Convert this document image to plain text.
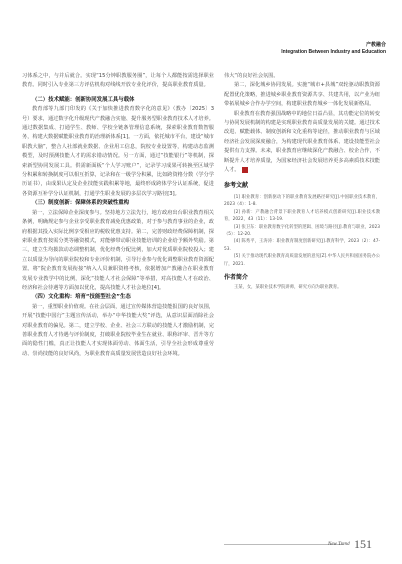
产教融合
Integration Between Industry and Education

习体系之中，与并后就合。实现“15分钟职教服务圈”，让每个人都能按需选择职业教育。同时引入专业第三方评估机构对线线开放专业化评价，提高职业教育质量。

（二）技术赋能：创新协同发展工具与载体

教育部等九部门印发的《关于加快推进教育数字化的意见》（教办〔2025〕3号）要求，通过数字化升级现代产教融合实施、提升服务型职业教育技术人才培养。通过数据集成、打通学生、教师、学校全链条管理信息系统，探索职业教育数智服务，构建大数据赋能职业教育的治理新体系[1]。一方面，依托城市平台，建设“城市职教大脑”，整合人社部就业数据、企业用工信息，院校专业设置等，构建动态监测模型，及时预测技能人才的需求错动情况。另一方面，通过“技能银行”等机制，探索新型协同发展工具。供需新面板“个人学习账户”，记录学习成果可转换至区域学分积累和转换制度可以相互折算，记录和在一级学分积累，比如跨资格分数（学分学历证书），由成果认定及企业技能实践积累等地，最终形成跨体学分认证系统，促进各资源互补学分认证机制，打通学生职业发展的多层次学习路径[3]。

（三）制度创新：保障体系的突破性重构

第一，立法保障企业深度参与。坚持地方立法先行，地方政府出台职业教育相关条例，明确规定参与企业享受职业教育减免优惠政策，对于参与教育事业的企业，政府根据其投入实际比例享受相应的税收优惠支持。第二，完善财政经费保障机制，探索职业教育按需分类等融资模式，对能够带动职业技能培训的企业给予额外奖励。第三，建立生均拨款动态调整机制，优化经费分配比例，加大对优质职业院校投入；建立以质量为导向的职业院校和专业评价机制，引导行业参与优化调整职业教育资源配置。将“院企教育发展衔接”纳入人员兼职资格考核，依据增加产教融合在职业教育发展专业教学中的比例，深化“技能人才社会保障”等举措，对高技能人才在政治、经济和社会待遇等方面加以优化，提高技能人才社会地位[4]。

（四）文化重构：培育“技能型社会”生态

第一，重塑职业价值观。在社会层面，通过宣传媒体营造技能报国的良好氛围，开展“技能中国行”主题宣传活动，举办“中华技能大奖”评选，从意识层面消除社会对职业教育的偏见。第二，建立学校、企业、社会三方联动的技能人才激励机制，完善职业教育人才待遇与评价制度，打破职业院校毕业生在就业、职称评审、晋升等方面的隐性门槛，真正让技能人才实现体面劳动、体面生活，引导全社会形成尊重劳动、崇尚技能的良好风尚，为职业教育高质量发展营造良好社会环境。

伟大“的良好社会氛围。

第二，深化城乡协同发展。实施“城市+县城”双轮驱动职教资源配置优化策略，推进城乡职业教育资源共享、共建共用，以产业为纽带拓展城乡合作办学空间，构建职业教育城乡一体化发展新格局。

职业教育在教育强国战略中的地位日益凸显，其功能定位的转变与协同发展机制的构建是实现职业教育高质量发展的关键。通过技术改进、赋能载体、制度创新和文化重构等途径，推动职业教育与区域经济社会发展深度融合，为构建现代职业教育体系、建设技能型社会提供有力支撑。未来，职业教育应继续深化产教融合、校企合作，不断提升人才培养质量，为国家经济社会发展培养更多高素质技术技能人才。

参考文献

[1] 职业教育：创新驱动下的职业教育发展路径研究[J].中国职业技术教育，2023（4）：1-8.

[2] 孙新：产教融合背景下职业教育人才培养模式创新研究[J].职业技术教育，2022，43（11）：13-19.

[3] 张卫东：职业教育数字化转型的逻辑、困境与路径[J].教育与职业，2023（5）：12-20.

[4] 陈秀平，王涛涛：职业教育制度创新研究[J].教育科学，2023（2）：47-53.

[5] 关于推动现代职业教育高质量发展的意见[Z].中华人民共和国国务院办公厅，2021.

作者简介

王某，女，某职业技术学院讲师，研究方向为职业教育。

New Trend 151
